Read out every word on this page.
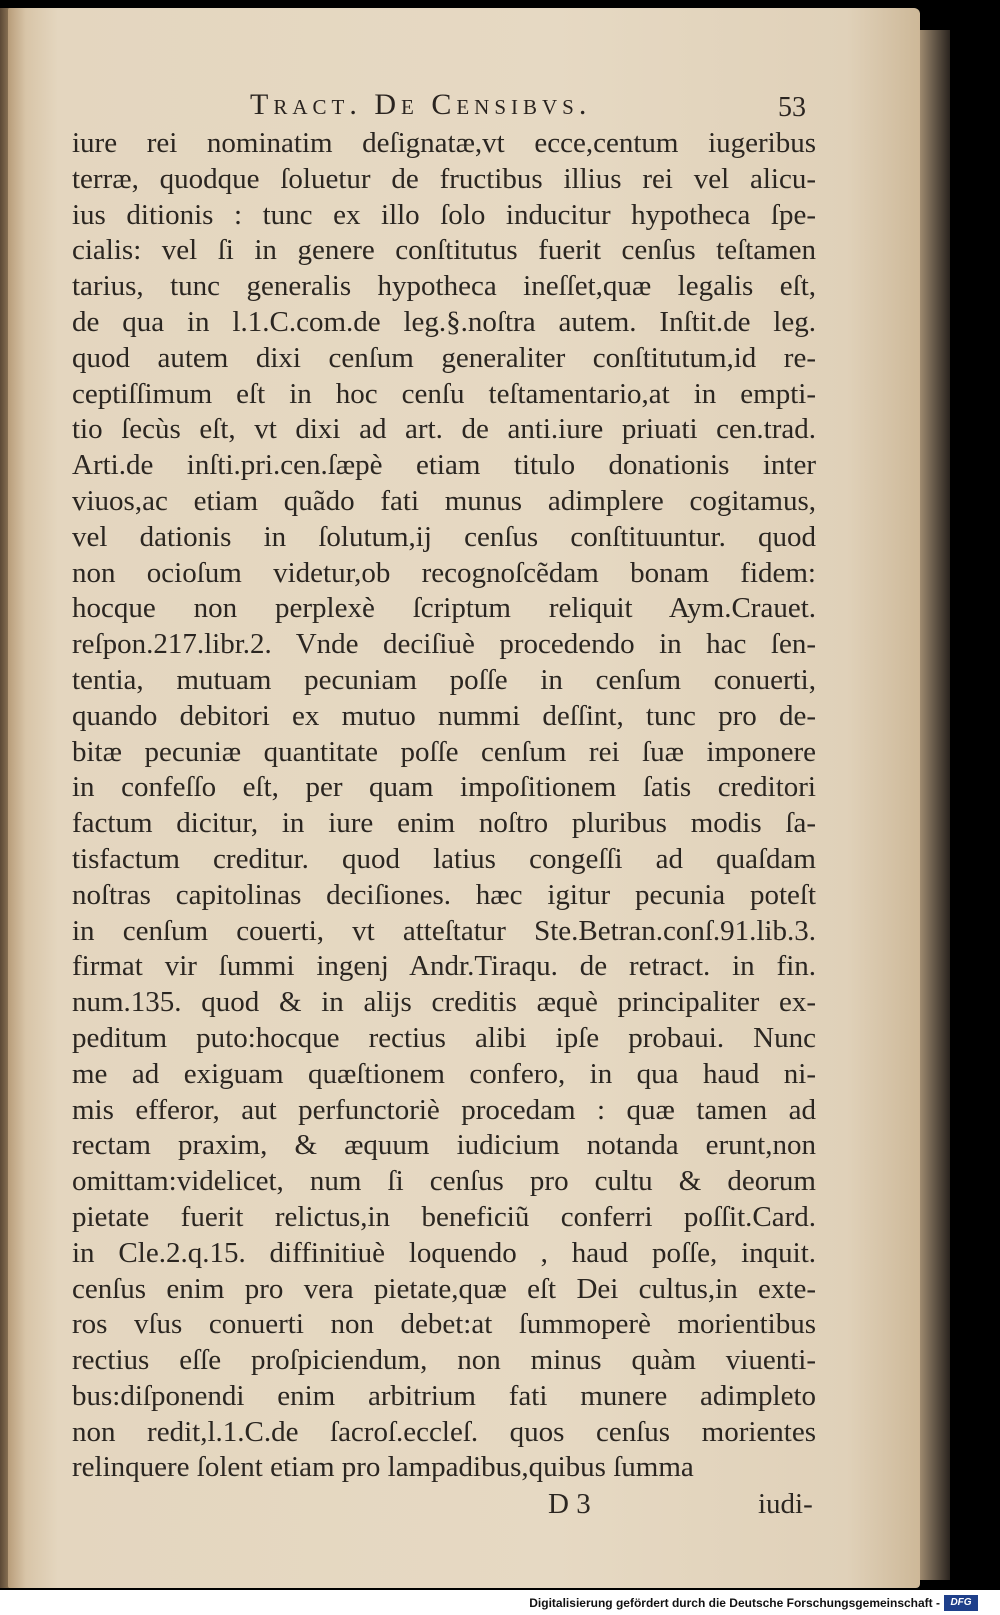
Tract. De Censibvs.	53
iure rei nominatim deſignatæ,vt ecce,centum iugeribus
terræ, quodque ſoluetur de fructibus illius rei vel alicu-
ius ditionis : tunc ex illo ſolo inducitur hypotheca ſpe-
cialis: vel ſi in genere conſtitutus fuerit cenſus teſtamen
tarius, tunc generalis hypotheca ineſſet,quæ legalis eſt,
de qua in l.1.C.com.de leg.§.noſtra autem. Inſtit.de leg.
quod autem dixi cenſum generaliter conſtitutum,id re-
ceptiſſimum eſt in hoc cenſu teſtamentario,at in empti-
tio ſecùs eſt, vt dixi ad art. de anti.iure priuati cen.trad.
Arti.de inſti.pri.cen.ſæpè etiam titulo donationis inter
viuos,ac etiam quãdo fati munus adimplere cogitamus,
vel dationis in ſolutum,ij cenſus conſtituuntur. quod
non ocioſum videtur,ob recognoſcẽdam bonam fidem:
hocque non perplexè ſcriptum reliquit Aym.Crauet.
reſpon.217.libr.2. Vnde deciſiuè procedendo in hac ſen-
tentia, mutuam pecuniam poſſe in cenſum conuerti,
quando debitori ex mutuo nummi deſſint, tunc pro de-
bitæ pecuniæ quantitate poſſe cenſum rei ſuæ imponere
in confeſſo eſt, per quam impoſitionem ſatis creditori
factum dicitur, in iure enim noſtro pluribus modis ſa-
tisfactum creditur. quod latius congeſſi ad quaſdam
noſtras capitolinas deciſiones. hæc igitur pecunia poteſt
in cenſum couerti, vt atteſtatur Ste.Betran.conſ.91.lib.3.
firmat vir ſummi ingenj Andr.Tiraqu. de retract. in fin.
num.135. quod & in alijs creditis æquè principaliter ex-
peditum puto:hocque rectius alibi ipſe probaui. Nunc
me ad exiguam quæſtionem confero, in qua haud ni-
mis efferor, aut perfunctoriè procedam : quæ tamen ad
rectam praxim, & æquum iudicium notanda erunt,non
omittam:videlicet, num ſi cenſus pro cultu & deorum
pietate fuerit relictus,in beneficiũ conferri poſſit.Card.
in Cle.2.q.15. diffinitiuè loquendo , haud poſſe, inquit.
cenſus enim pro vera pietate,quæ eſt Dei cultus,in exte-
ros vſus conuerti non debet:at ſummoperè morientibus
rectius eſſe proſpiciendum, non minus quàm viuenti-
bus:diſponendi enim arbitrium fati munere adimpleto
non redit,l.1.C.de ſacroſ.eccleſ. quos cenſus morientes
relinquere ſolent etiam pro lampadibus,quibus ſumma
D 3	iudi-
Digitalisierung gefördert durch die Deutsche Forschungsgemeinschaft -	DFG
